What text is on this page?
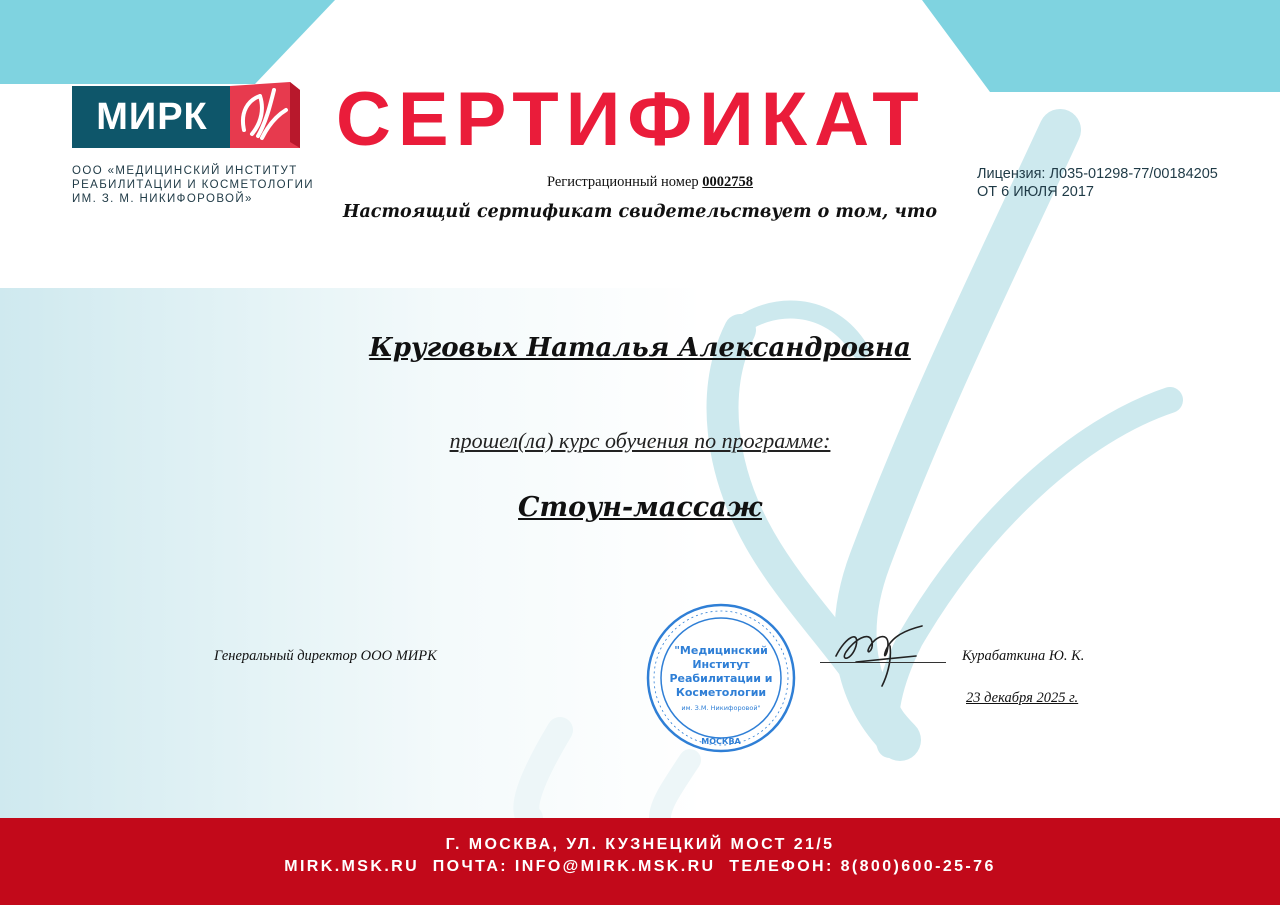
МИРК
ООО «МЕДИЦИНСКИЙ ИНСТИТУТ
РЕАБИЛИТАЦИИ И КОСМЕТОЛОГИИ
ИМ. З. М. НИКИФОРОВОЙ»
СЕРТИФИКАТ
Регистрационный номер 0002758	Лицензия: Л035-01298-77/00184205
ОТ 6 ИЮЛЯ 2017
Настоящий сертификат свидетельствует о том, что
Круговых Наталья Александровна
прошел(ла) курс обучения по программе:
Стоун-массаж
Генеральный директор ООО МИРК	"Медицинский
Институт
Реабилитации и
Косметологии
им. З.М. Никифоровой"
МОСКВА
Курабаткина Ю. К.
23 декабря 2025 г.
Г. МОСКВА, УЛ. КУЗНЕЦКИЙ МОСТ 21/5
MIRK.MSK.RU  ПОЧТА: INFO@MIRK.MSK.RU  ТЕЛЕФОН: 8(800)600-25-76
